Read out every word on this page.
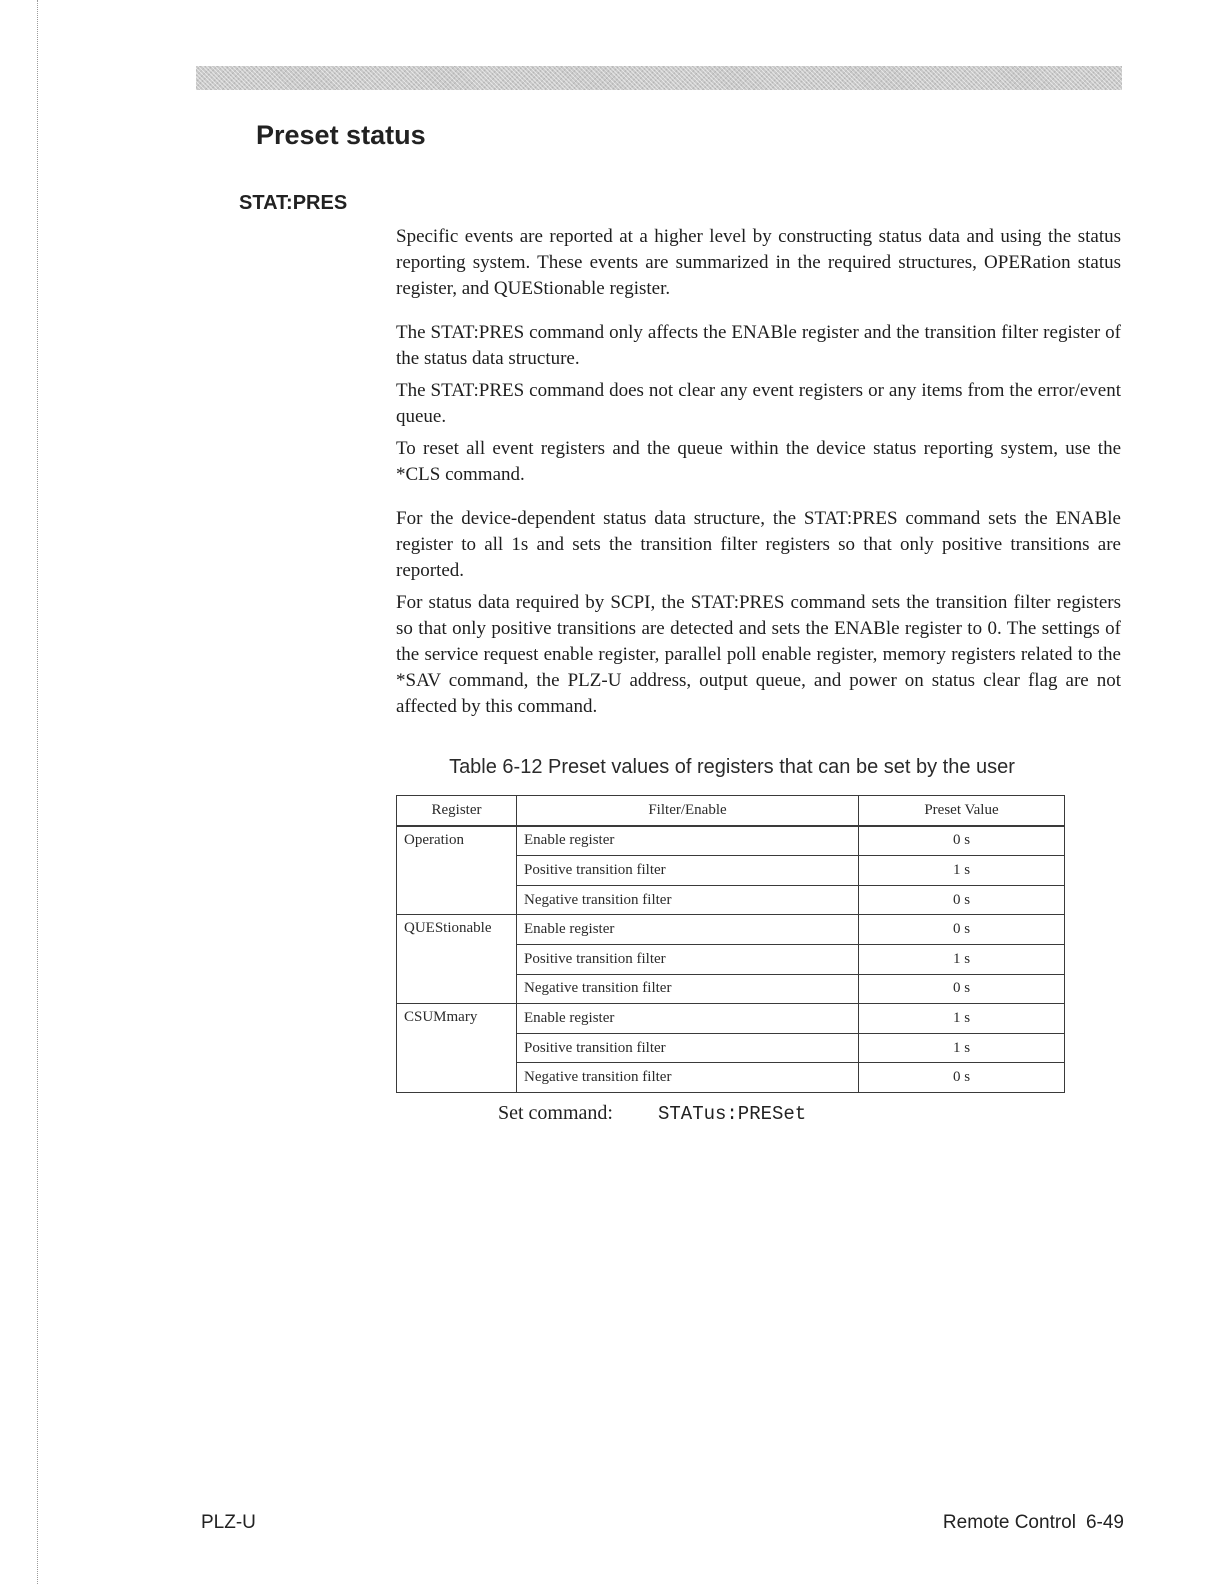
Preset status
STAT:PRES

Specific events are reported at a higher level by constructing status data and using the status reporting system. These events are summarized in the required structures, OPERation status register, and QUEStionable register.

The STAT:PRES command only affects the ENABle register and the transition filter register of the status data structure.

The STAT:PRES command does not clear any event registers or any items from the error/event queue.

To reset all event registers and the queue within the device status reporting system, use the *CLS command.

For the device-dependent status data structure, the STAT:PRES command sets the ENABle register to all 1s and sets the transition filter registers so that only positive transitions are reported.

For status data required by SCPI, the STAT:PRES command sets the transition filter registers so that only positive transitions are detected and sets the ENABle register to 0. The settings of the service request enable register, parallel poll enable register, memory registers related to the *SAV command, the PLZ-U address, output queue, and power on status clear flag are not affected by this command.

Table 6-12 Preset values of registers that can be set by the user

Register	Filter/Enable	Preset Value
Operation	Enable register	0 s
	Positive transition filter	1 s
	Negative transition filter	0 s
QUEStionable	Enable register	0 s
	Positive transition filter	1 s
	Negative transition filter	0 s
CSUMmary	Enable register	1 s
	Positive transition filter	1 s
	Negative transition filter	0 s
Set command: STATus:PRESet
PLZ-U	Remote Control 6-49
